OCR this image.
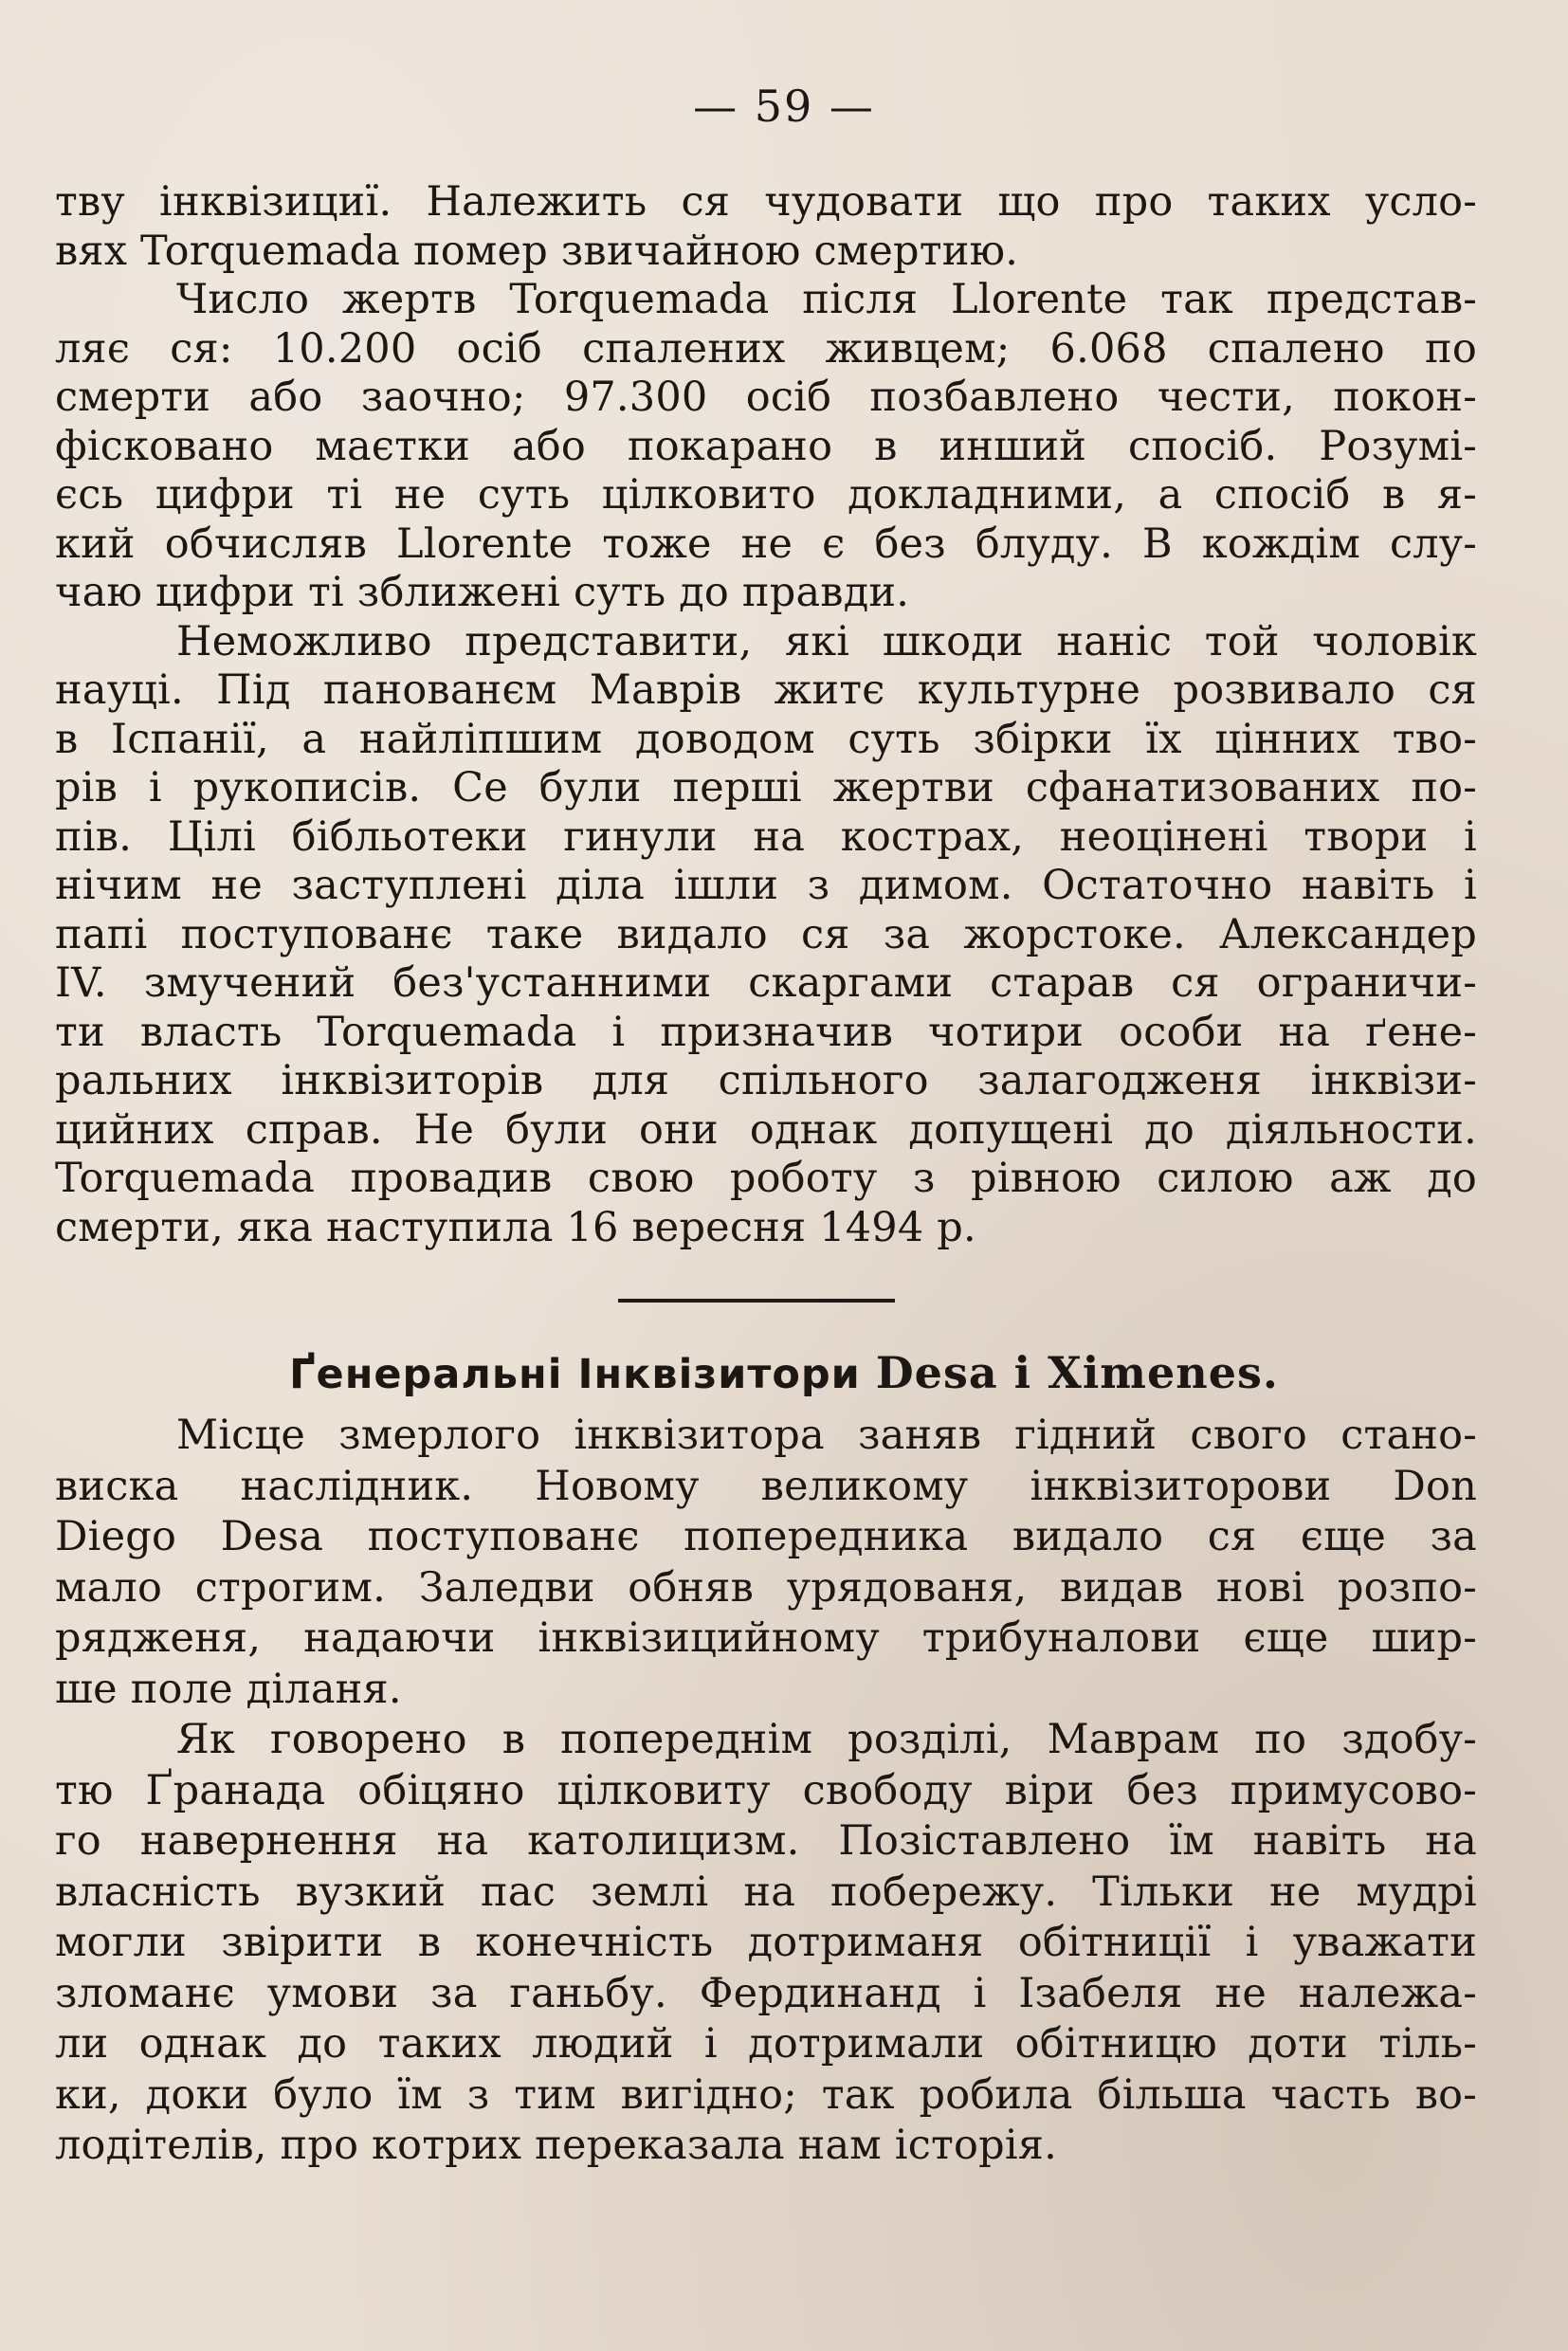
— 59 —
тву інквізициї. Належить ся чудовати що про таких усло-
вях Torquemada помер звичайною смертию.
Число жертв Torquemada після Llorente так представ-
ляє ся: 10.200 осіб спалених живцем; 6.068 спалено по
смерти або заочно; 97.300 осіб позбавлено чести, покон-
фісковано маєтки або покарано в инший спосіб. Розумі-
єсь цифри ті не суть цілковито докладними, а спосіб в я-
кий обчисляв Llorente тоже не є без блуду. В кождім слу-
чаю цифри ті зближені суть до правди.
Неможливо представити, які шкоди наніс той чоловік
науці. Під панованєм Маврів житє культурне розвивало ся
в Іспанії, а найліпшим доводом суть збірки їх цінних тво-
рів і рукописів. Се були перші жертви сфанатизованих по-
пів. Цілі бібльотеки гинули на кострах, неоцінені твори і
нічим не заступлені діла ішли з димом. Остаточно навіть і
папі поступованє таке видало ся за жорстоке. Александер
IV. змучений без'устанними скаргами старав ся ограничи-
ти власть Torquemada і призначив чотири особи на ґене-
ральних інквізиторів для спільного залагодженя інквізи-
цийних справ. Не були они однак допущені до діяльности.
Torquemada провадив свою роботу з рівною силою аж до
смерти, яка наступила 16 вересня 1494 р.
Ґенеральні Інквізитори Desa і Ximenes.
Місце змерлого інквізитора заняв гідний свого стано-
виска наслідник. Новому великому інквізиторови Don
Diego Desa поступованє попередника видало ся єще за
мало строгим. Заледви обняв урядованя, видав нові розпо-
рядженя, надаючи інквізицийному трибуналови єще шир-
ше поле діланя.
Як говорено в попереднім розділі, Маврам по здобу-
тю Ґранада обіцяно цілковиту свободу віри без примусово-
го навернення на католицизм. Позіставлено їм навіть на
власність вузкий пас землі на побережу. Тільки не мудрі
могли звірити в конечність дотриманя обітниції і уважати
зломанє умови за ганьбу. Фердинанд і Ізабеля не належа-
ли однак до таких людий і дотримали обітницю доти тіль-
ки, доки було їм з тим вигідно; так робила більша часть во-
лодітелів, про котрих переказала нам історія.
